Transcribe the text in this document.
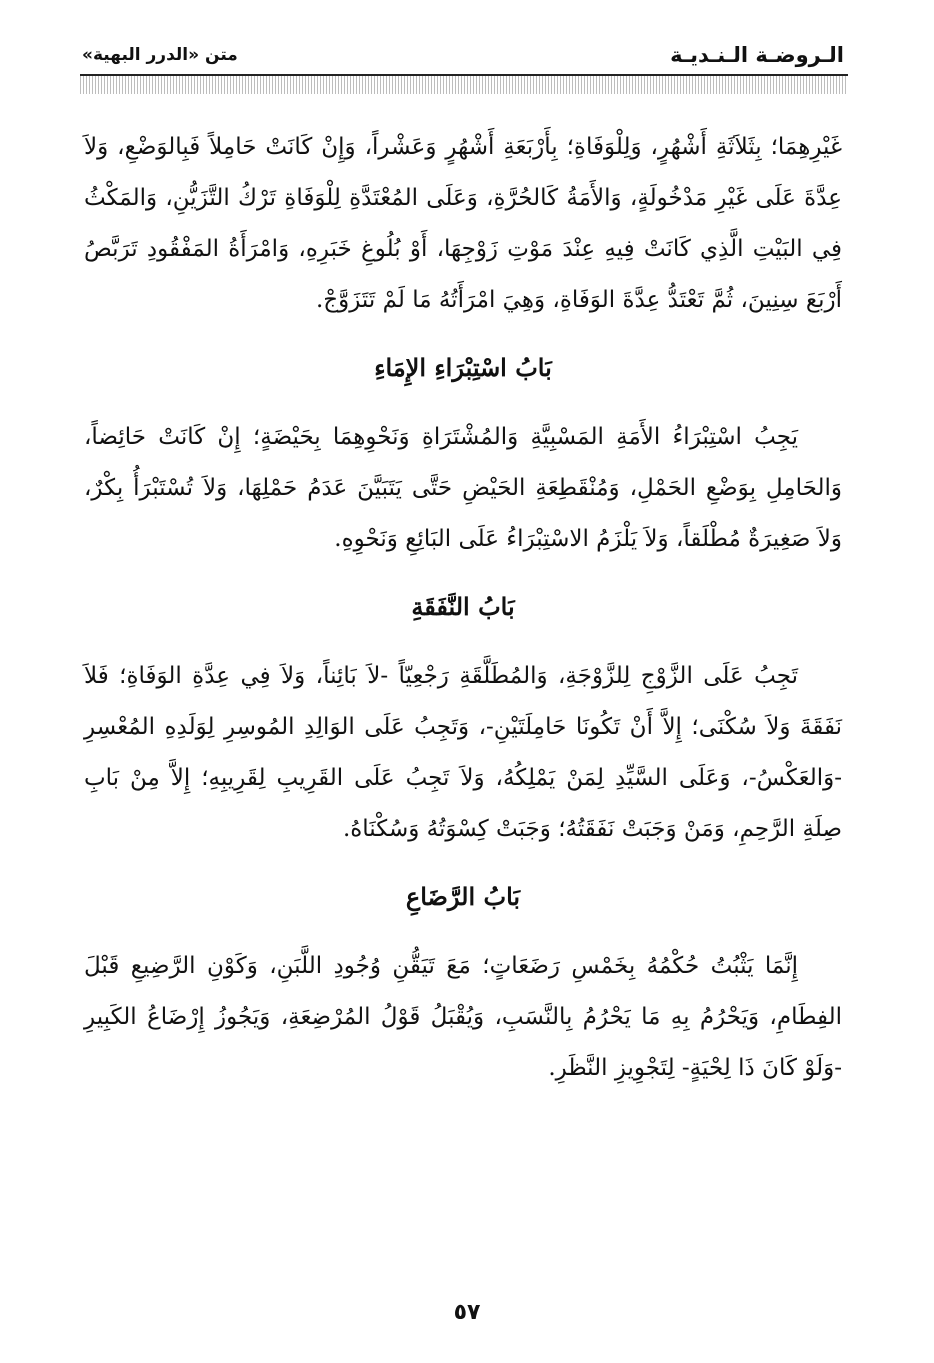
الـروضـة الـنـديـة
متن «الدرر البهية»

غَيْرِهِمَا؛ بِثَلاَثَةِ أَشْهُرٍ، وَلِلْوَفَاةِ؛ بِأَرْبَعَةِ أَشْهُرٍ وَعَشْراً، وَإِنْ كَانَتْ حَامِلاً فَبِالوَضْعِ، وَلاَ عِدَّةَ عَلَى غَيْرِ مَدْخُولَةٍ، وَالأَمَةُ كَالحُرَّةِ، وَعَلَى المُعْتَدَّةِ لِلْوَفَاةِ تَرْكُ التَّزَيُّنِ، وَالمَكْثُ فِي البَيْتِ الَّذِي كَانَتْ فِيهِ عِنْدَ مَوْتِ زَوْجِهَا، أَوْ بُلُوغِ خَبَرِهِ، وَامْرَأَةُ المَفْقُودِ تَرَبَّصُ أَرْبَعَ سِنِينَ، ثُمَّ تَعْتَدُّ عِدَّةَ الوَفَاةِ، وَهِيَ امْرَأَتُهُ مَا لَمْ تَتَزَوَّجْ.

بَابُ اسْتِبْرَاءِ الإِمَاءِ

يَجِبُ اسْتِبْرَاءُ الأَمَةِ المَسْبِيَّةِ وَالمُشْتَرَاةِ وَنَحْوِهِمَا بِحَيْضَةٍ؛ إِنْ كَانَتْ حَائِضاً، وَالحَامِلِ بِوَضْعِ الحَمْلِ، وَمُنْقَطِعَةِ الحَيْضِ حَتَّى يَتَبَيَّنَ عَدَمُ حَمْلِهَا، وَلاَ تُسْتَبْرَأُ بِكْرٌ، وَلاَ صَغِيرَةٌ مُطْلَقاً، وَلاَ يَلْزَمُ الاسْتِبْرَاءُ عَلَى البَائِعِ وَنَحْوِهِ.

بَابُ النَّفَقَةِ

تَجِبُ عَلَى الزَّوْجِ لِلزَّوْجَةِ، وَالمُطَلَّقَةِ رَجْعِيّاً -لاَ بَائِناً، وَلاَ فِي عِدَّةِ الوَفَاةِ؛ فَلاَ نَفَقَةَ وَلاَ سُكْنَى؛ إِلاَّ أَنْ تَكُونَا حَامِلَتَيْنِ-، وَتَجِبُ عَلَى الوَالِدِ المُوسِرِ لِوَلَدِهِ المُعْسِرِ -وَالعَكْسُ-، وَعَلَى السَّيِّدِ لِمَنْ يَمْلِكُهُ، وَلاَ تَجِبُ عَلَى القَرِيبِ لِقَرِيبِهِ؛ إِلاَّ مِنْ بَابِ صِلَةِ الرَّحِمِ، وَمَنْ وَجَبَتْ نَفَقَتُهُ؛ وَجَبَتْ كِسْوَتُهُ وَسُكْنَاهُ.

بَابُ الرَّضَاعِ

إِنَّمَا يَثْبُتُ حُكْمُهُ بِخَمْسِ رَضَعَاتٍ؛ مَعَ تَيَقُّنِ وُجُودِ اللَّبَنِ، وَكَوْنِ الرَّضِيعِ قَبْلَ الفِطَامِ، وَيَحْرُمُ بِهِ مَا يَحْرُمُ بِالنَّسَبِ، وَيُقْبَلُ قَوْلُ المُرْضِعَةِ، وَيَجُوزُ إِرْضَاعُ الكَبِيرِ -وَلَوْ كَانَ ذَا لِحْيَةٍ- لِتَجْوِيزِ النَّظَرِ.

٥٧
